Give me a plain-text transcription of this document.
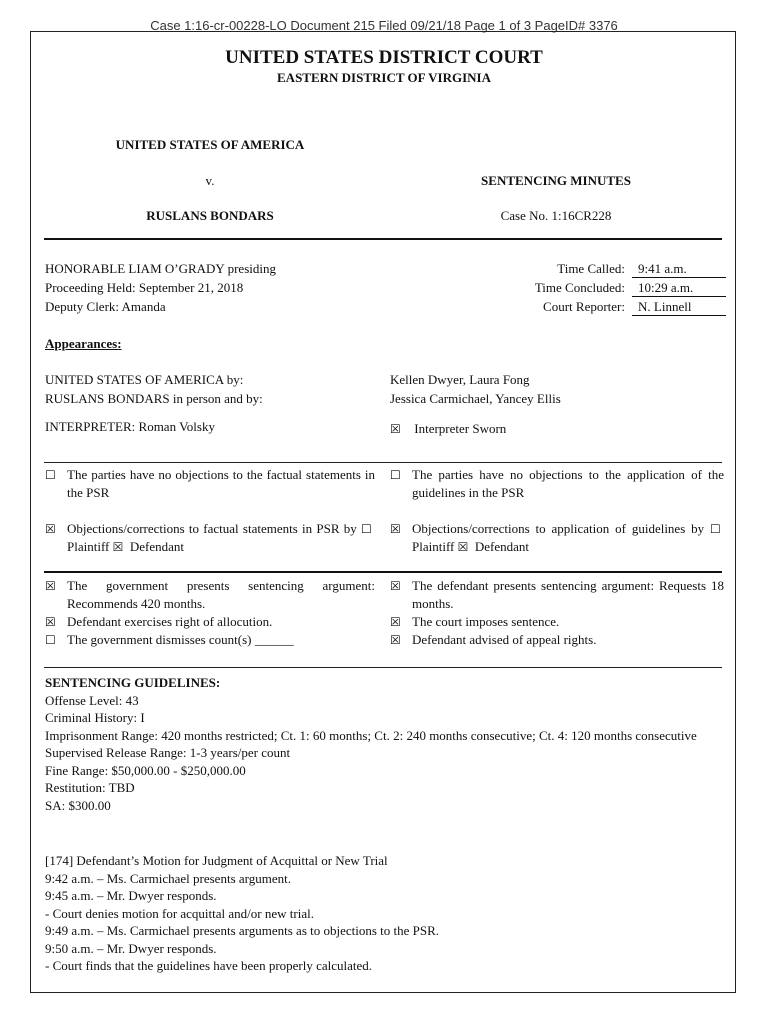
Case 1:16-cr-00228-LO Document 215 Filed 09/21/18 Page 1 of 3 PageID# 3376
UNITED STATES DISTRICT COURT
EASTERN DISTRICT OF VIRGINIA
UNITED STATES OF AMERICA
v.
RUSLANS BONDARS
SENTENCING MINUTES
Case No. 1:16CR228
HONORABLE LIAM O’GRADY presiding
Proceeding Held: September 21, 2018
Deputy Clerk: Amanda
Time Called:	9:41 a.m.
Time Concluded:	10:29 a.m.
Court Reporter:	N. Linnell
Appearances:
UNITED STATES OF AMERICA by:	Kellen Dwyer, Laura Fong
RUSLANS BONDARS in person and by:	Jessica Carmichael, Yancey Ellis
INTERPRETER: Roman Volsky	☒ Interpreter Sworn
☐ The parties have no objections to the factual statements in the PSR
☐ The parties have no objections to the application of the guidelines in the PSR
☒ Objections/corrections to factual statements in PSR by ☐ Plaintiff ☒ Defendant
☒ Objections/corrections to application of guidelines by ☐ Plaintiff ☒ Defendant
☒ The government presents sentencing argument: Recommends 420 months.
☒ The defendant presents sentencing argument: Requests 18 months.
☒ Defendant exercises right of allocution.	☒ The court imposes sentence.
☐ The government dismisses count(s) ______	☒ Defendant advised of appeal rights.
SENTENCING GUIDELINES:
Offense Level: 43
Criminal History: I
Imprisonment Range: 420 months restricted; Ct. 1: 60 months; Ct. 2: 240 months consecutive; Ct. 4: 120 months consecutive
Supervised Release Range: 1-3 years/per count
Fine Range: $50,000.00 - $250,000.00
Restitution: TBD
SA: $300.00
[174] Defendant’s Motion for Judgment of Acquittal or New Trial
9:42 a.m. – Ms. Carmichael presents argument.
9:45 a.m. – Mr. Dwyer responds.
- Court denies motion for acquittal and/or new trial.
9:49 a.m. – Ms. Carmichael presents arguments as to objections to the PSR.
9:50 a.m. – Mr. Dwyer responds.
- Court finds that the guidelines have been properly calculated.
